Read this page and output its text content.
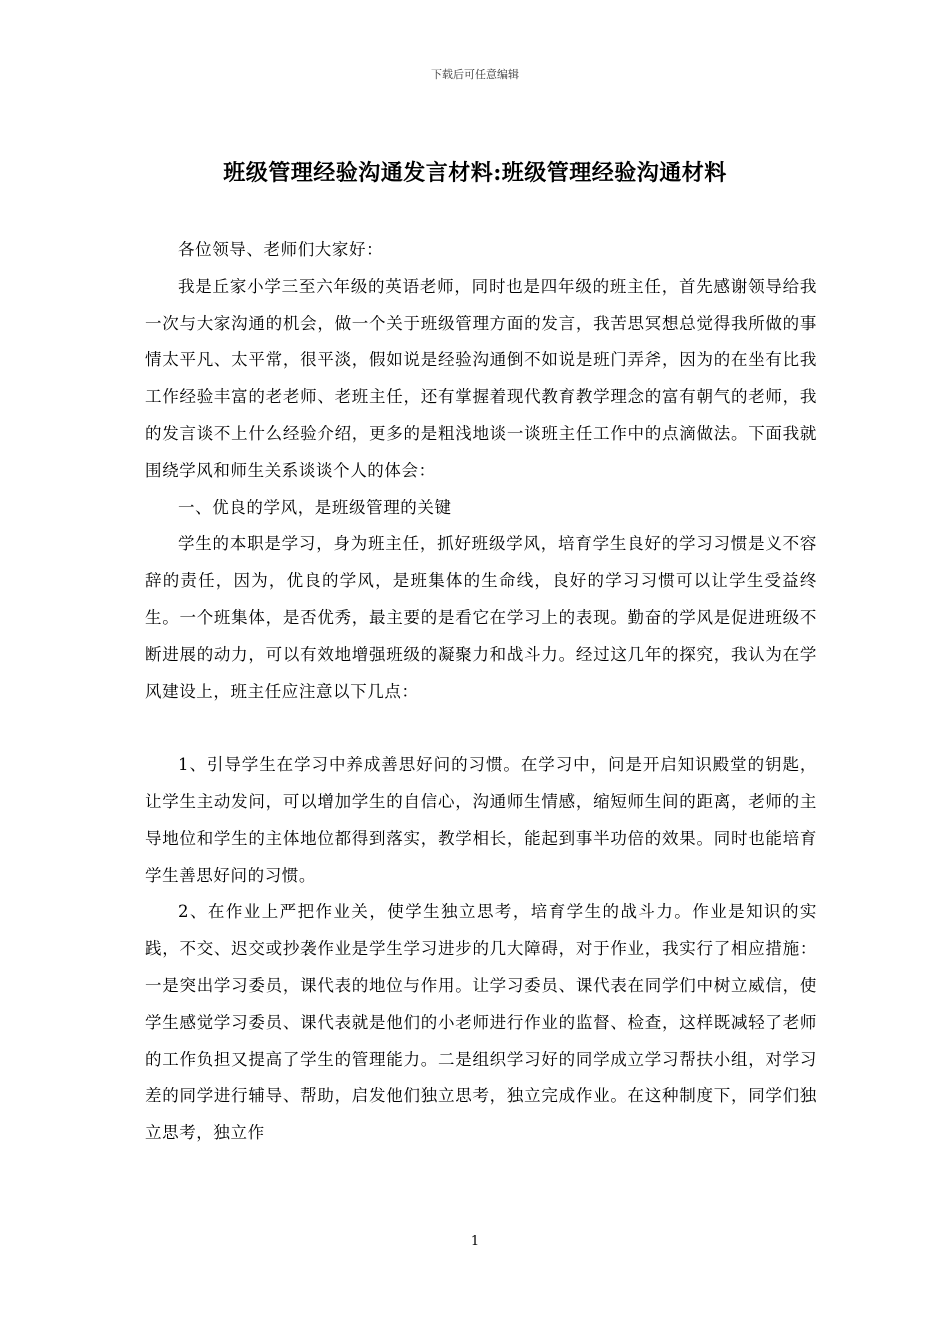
下载后可任意编辑
班级管理经验沟通发言材料:班级管理经验沟通材料

各位领导、老师们大家好：

我是丘家小学三至六年级的英语老师，同时也是四年级的班主任，首先感谢领导给我一次与大家沟通的机会，做一个关于班级管理方面的发言，我苦思冥想总觉得我所做的事情太平凡、太平常，很平淡，假如说是经验沟通倒不如说是班门弄斧，因为的在坐有比我工作经验丰富的老老师、老班主任，还有掌握着现代教育教学理念的富有朝气的老师，我的发言谈不上什么经验介绍，更多的是粗浅地谈一谈班主任工作中的点滴做法。下面我就围绕学风和师生关系谈谈个人的体会：

一、优良的学风，是班级管理的关键

学生的本职是学习，身为班主任，抓好班级学风，培育学生良好的学习习惯是义不容辞的责任，因为，优良的学风，是班集体的生命线，良好的学习习惯可以让学生受益终生。一个班集体，是否优秀，最主要的是看它在学习上的表现。勤奋的学风是促进班级不断进展的动力，可以有效地增强班级的凝聚力和战斗力。经过这几年的探究，我认为在学风建设上，班主任应注意以下几点：

1、引导学生在学习中养成善思好问的习惯。在学习中，问是开启知识殿堂的钥匙，让学生主动发问，可以增加学生的自信心，沟通师生情感，缩短师生间的距离，老师的主导地位和学生的主体地位都得到落实，教学相长，能起到事半功倍的效果。同时也能培育学生善思好问的习惯。

2、在作业上严把作业关，使学生独立思考，培育学生的战斗力。作业是知识的实践，不交、迟交或抄袭作业是学生学习进步的几大障碍，对于作业，我实行了相应措施：一是突出学习委员，课代表的地位与作用。让学习委员、课代表在同学们中树立威信，使学生感觉学习委员、课代表就是他们的小老师进行作业的监督、检查，这样既减轻了老师的工作负担又提高了学生的管理能力。二是组织学习好的同学成立学习帮扶小组，对学习差的同学进行辅导、帮助，启发他们独立思考，独立完成作业。在这种制度下，同学们独立思考，独立作

1
